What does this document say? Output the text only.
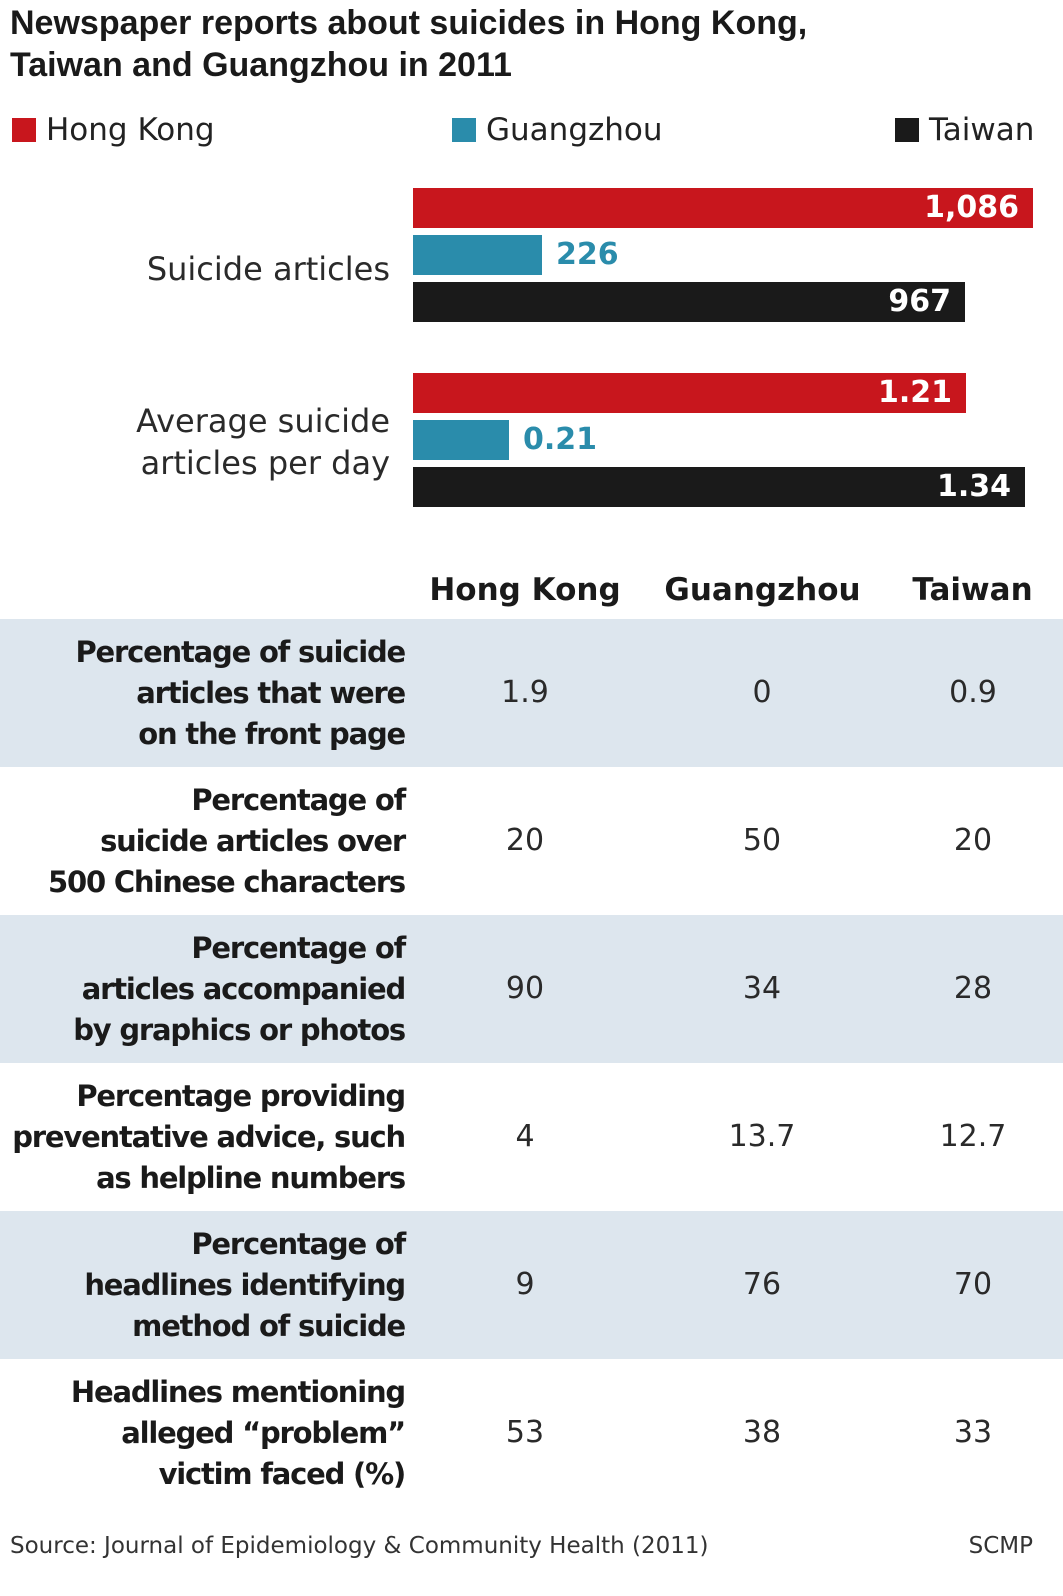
Newspaper reports about suicides in Hong Kong,
Taiwan and Guangzhou in 2011
Hong Kong	Guangzhou	Taiwan
Suicide articles
Average suicide
articles per day
1,086
226
967
1.21
0.21
1.34
Hong Kong	Guangzhou	Taiwan
Percentage of suicide
articles that were
on the front page
1.9	0	0.9
Percentage of
suicide articles over
500 Chinese characters
20	50	20
Percentage of
articles accompanied
by graphics or photos
90	34	28
Percentage providing
preventative advice, such
as helpline numbers
4	13.7	12.7
Percentage of
headlines identifying
method of suicide
9	76	70
Headlines mentioning
alleged “problem”
victim faced (%)
53	38	33
Source: Journal of Epidemiology & Community Health (2011)	SCMP
